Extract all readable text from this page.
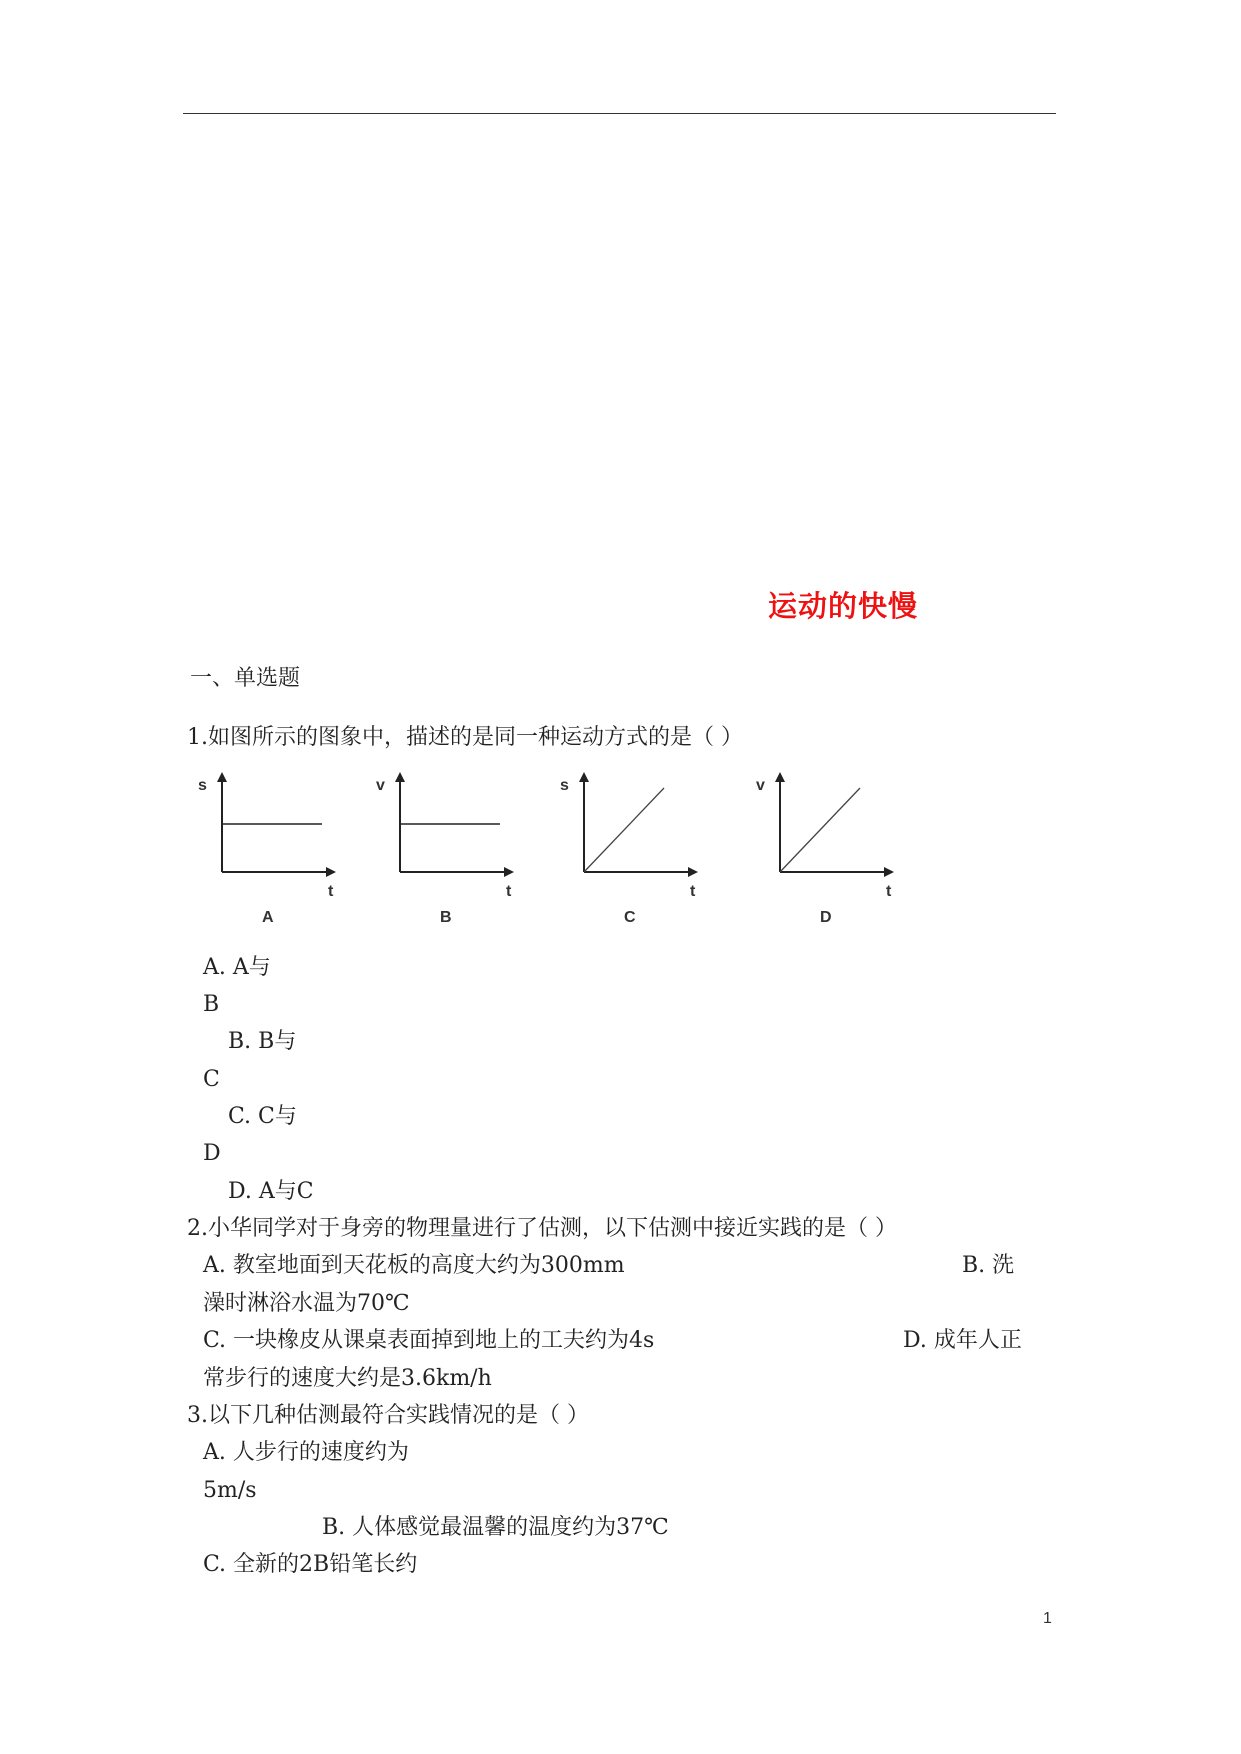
运动的快慢
一、单选题
1.如图所示的图象中，描述的是同一种运动方式的是（ ）
s
t
A
v
t
B
s
t
C
v
t
D
A. A与
B
B. B与
C
C. C与
D
D. A与C
2.小华同学对于身旁的物理量进行了估测，以下估测中接近实践的是（ ）
A. 教室地面到天花板的高度大约为300mm	B. 洗
澡时淋浴水温为70℃
C. 一块橡皮从课桌表面掉到地上的工夫约为4s	D. 成年人正
常步行的速度大约是3.6km/h
3.以下几种估测最符合实践情况的是（ ）
A. 人步行的速度约为
5m/s
B. 人体感觉最温馨的温度约为37℃
C. 全新的2B铅笔长约
1
